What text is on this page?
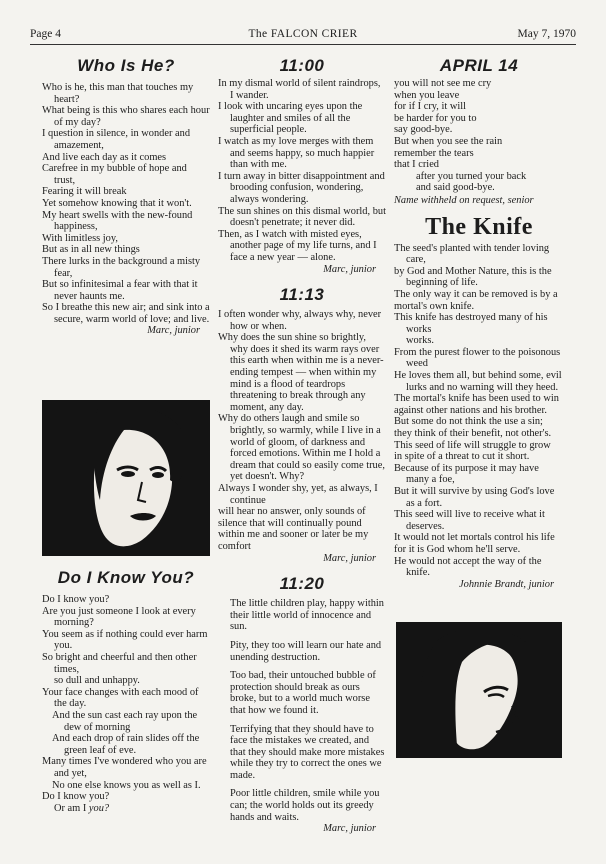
Page 4	The FALCON CRIER	May 7, 1970

Who Is He?

Who is he, this man that touches my heart?

What being is this who shares each hour of my day?

I question in silence, in wonder and amazement,

And live each day as it comes

Carefree in my bubble of hope and trust,

Fearing it will break

Yet somehow knowing that it won't.

My heart swells with the new-found happiness,

With limitless joy,

But as in all new things

There lurks in the background a misty fear,

But so infinitesimal a fear with that it never haunts me.

So I breathe this new air; and sink into a secure, warm world of love; and live.

Marc, junior

Do I Know You?

Do I know you?

Are you just someone I look at every morning?

You seem as if nothing could ever harm you.

So bright and cheerful and then other times,

so dull and unhappy.

Your face changes with each mood of the day.

And the sun cast each ray upon the dew of morning

And each drop of rain slides off the green leaf of eve.

Many times I've wondered who you are and yet,

No one else knows you as well as I.

Do I know you?

Or am I you?

11:00

In my dismal world of silent raindrops, I wander.

I look with uncaring eyes upon the laughter and smiles of all the superficial people.

I watch as my love merges with them and seems happy, so much happier than with me.

I turn away in bitter disappointment and brooding confusion, wondering, always wondering.

The sun shines on this dismal world, but doesn't penetrate; it never did.

Then, as I watch with misted eyes, another page of my life turns, and I face a new year — alone.

Marc, junior

11:13

I often wonder why, always why, never how or when.

Why does the sun shine so brightly, why does it shed its warm rays over this earth when within me is a never-ending tempest — when within my mind is a flood of teardrops threatening to break through any moment, any day.

Why do others laugh and smile so brightly, so warmly, while I live in a world of gloom, of darkness and forced emotions. Within me I hold a dream that could so easily come true, yet doesn't. Why?

Always I wonder shy, yet, as always, I continue

will hear no answer, only sounds of silence that will continually pound within me and sooner or later be my

comfort

Marc, junior

11:20

The little children play, happy within their little world of innocence and sun.

Pity, they too will learn our hate and unending destruction.

Too bad, their untouched bubble of protection should break as ours broke, but to a world much worse that how we found it.

Terrifying that they should have to face the mistakes we created, and that they should make more mistakes while they try to correct the ones we made.

Poor little children, smile while you can; the world holds out its greedy hands and waits.

Marc, junior

APRIL 14

you will not see me cry

when you leave

for if I cry, it will

be harder for you to

say good-bye.

But when you see the rain

remember the tears

that I cried

after you turned your back

and said good-bye.

Name withheld on request, senior

The Knife

The seed's planted with tender loving care,

by God and Mother Nature, this is the beginning of life.

The only way it can be removed is by a

mortal's own knife.

This knife has destroyed many of his works

works.

From the purest flower to the poisonous weed

He loves them all, but behind some, evil lurks and no warning will they heed.

The mortal's knife has been used to win

against other nations and his brother.

But some do not think the use a sin;

they think of their benefit, not other's.

This seed of life will struggle to grow

in spite of a threat to cut it short.

Because of its purpose it may have many a foe,

But it will survive by using God's love as a fort.

This seed will live to receive what it deserves.

It would not let mortals control his life

for it is God whom he'll serve.

He would not accept the way of the knife.

Johnnie Brandt, junior
